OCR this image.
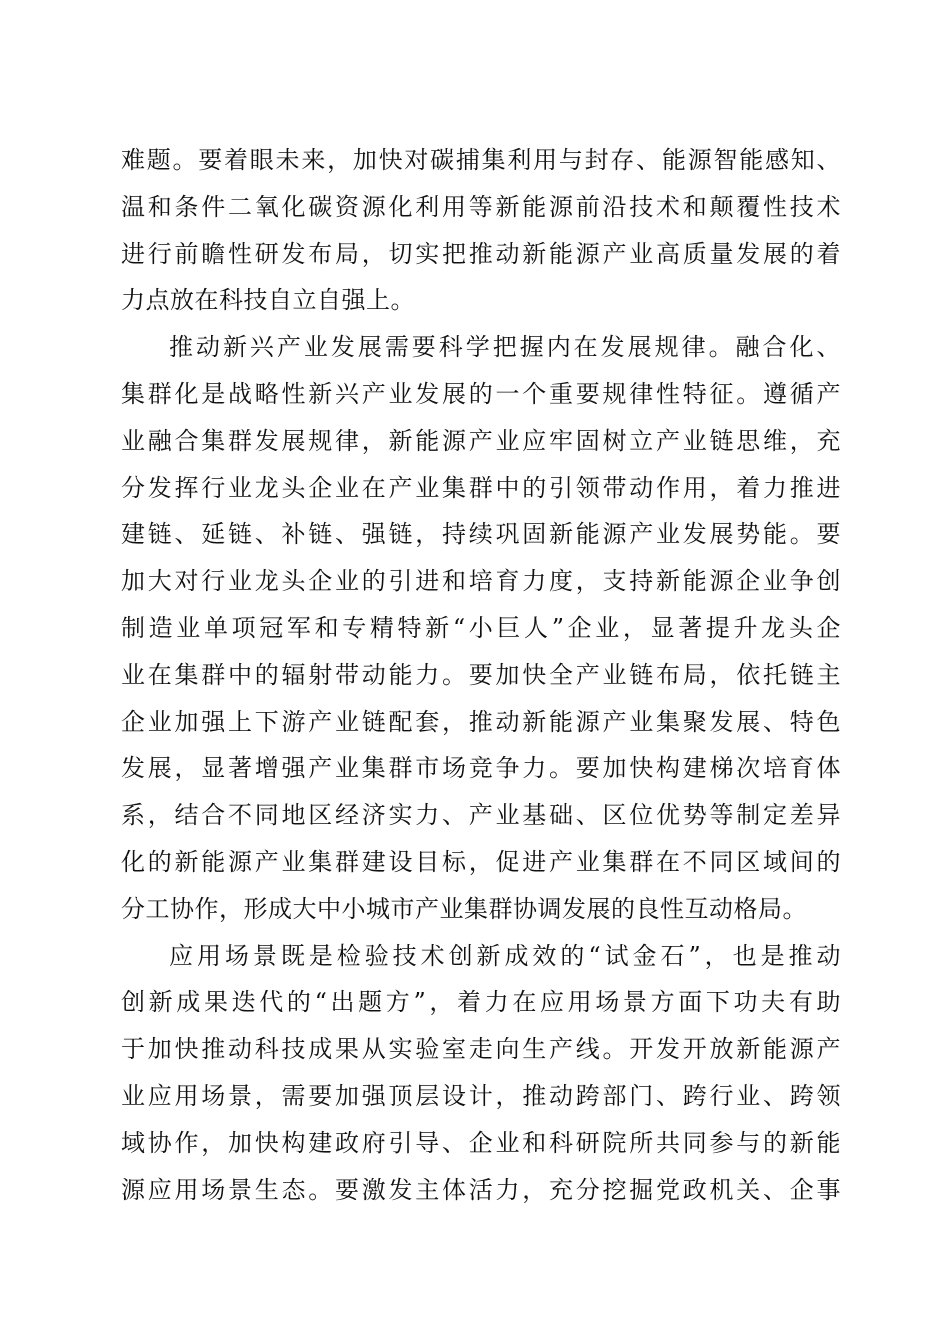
难题。要着眼未来，加快对碳捕集利用与封存、能源智能感知、
温和条件二氧化碳资源化利用等新能源前沿技术和颠覆性技术
进行前瞻性研发布局，切实把推动新能源产业高质量发展的着
力点放在科技自立自强上。
推动新兴产业发展需要科学把握内在发展规律。融合化、
集群化是战略性新兴产业发展的一个重要规律性特征。遵循产
业融合集群发展规律，新能源产业应牢固树立产业链思维，充
分发挥行业龙头企业在产业集群中的引领带动作用，着力推进
建链、延链、补链、强链，持续巩固新能源产业发展势能。要
加大对行业龙头企业的引进和培育力度，支持新能源企业争创
制造业单项冠军和专精特新“小巨人”企业，显著提升龙头企
业在集群中的辐射带动能力。要加快全产业链布局，依托链主
企业加强上下游产业链配套，推动新能源产业集聚发展、特色
发展，显著增强产业集群市场竞争力。要加快构建梯次培育体
系，结合不同地区经济实力、产业基础、区位优势等制定差异
化的新能源产业集群建设目标，促进产业集群在不同区域间的
分工协作，形成大中小城市产业集群协调发展的良性互动格局。
应用场景既是检验技术创新成效的“试金石”，也是推动
创新成果迭代的“出题方”，着力在应用场景方面下功夫有助
于加快推动科技成果从实验室走向生产线。开发开放新能源产
业应用场景，需要加强顶层设计，推动跨部门、跨行业、跨领
域协作，加快构建政府引导、企业和科研院所共同参与的新能
源应用场景生态。要激发主体活力，充分挖掘党政机关、企事
